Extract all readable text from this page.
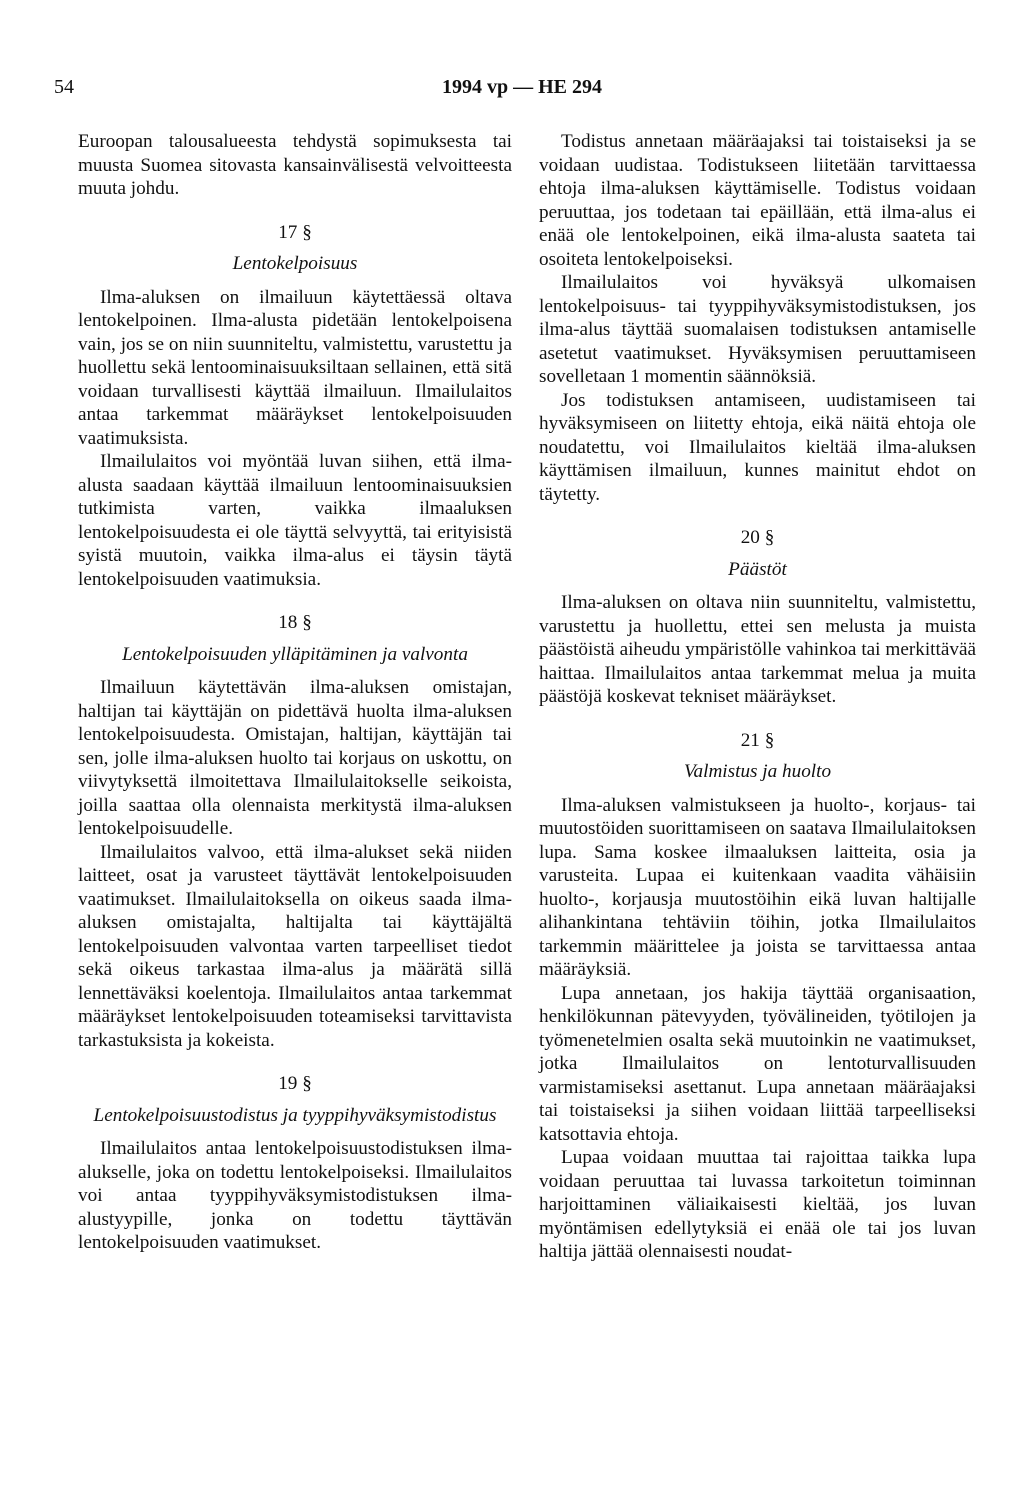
54	1994 vp — HE 294

Euroopan talousalueesta tehdystä sopimuksesta tai muusta Suomea sitovasta kansainvälisestä velvoitteesta muuta johdu.

17 §
Lentokelpoisuus

Ilma-aluksen on ilmailuun käytettäessä oltava lentokelpoinen. Ilma-alusta pidetään lentokelpoisena vain, jos se on niin suunniteltu, valmistettu, varustettu ja huollettu sekä lentoominaisuuksiltaan sellainen, että sitä voidaan turvallisesti käyttää ilmailuun. Ilmailulaitos antaa tarkemmat määräykset lentokelpoisuuden vaatimuksista.

Ilmailulaitos voi myöntää luvan siihen, että ilma-alusta saadaan käyttää ilmailuun lentoominaisuuksien tutkimista varten, vaikka ilmaaluksen lentokelpoisuudesta ei ole täyttä selvyyttä, tai erityisistä syistä muutoin, vaikka ilma-alus ei täysin täytä lentokelpoisuuden vaatimuksia.

18 §
Lentokelpoisuuden ylläpitäminen ja valvonta

Ilmailuun käytettävän ilma-aluksen omistajan, haltijan tai käyttäjän on pidettävä huolta ilma-aluksen lentokelpoisuudesta. Omistajan, haltijan, käyttäjän tai sen, jolle ilma-aluksen huolto tai korjaus on uskottu, on viivytyksettä ilmoitettava Ilmailulaitokselle seikoista, joilla saattaa olla olennaista merkitystä ilma-aluksen lentokelpoisuudelle.

Ilmailulaitos valvoo, että ilma-alukset sekä niiden laitteet, osat ja varusteet täyttävät lentokelpoisuuden vaatimukset. Ilmailulaitoksella on oikeus saada ilma-aluksen omistajalta, haltijalta tai käyttäjältä lentokelpoisuuden valvontaa varten tarpeelliset tiedot sekä oikeus tarkastaa ilma-alus ja määrätä sillä lennettäväksi koelentoja. Ilmailulaitos antaa tarkemmat määräykset lentokelpoisuuden toteamiseksi tarvittavista tarkastuksista ja kokeista.

19 §
Lentokelpoisuustodistus ja tyyppihyväksymistodistus

Ilmailulaitos antaa lentokelpoisuustodistuksen ilma-alukselle, joka on todettu lentokelpoiseksi. Ilmailulaitos voi antaa tyyppihyväksymistodistuksen ilma-alustyypille, jonka on todettu täyttävän lentokelpoisuuden vaatimukset.

Todistus annetaan määräajaksi tai toistaiseksi ja se voidaan uudistaa. Todistukseen liitetään tarvittaessa ehtoja ilma-aluksen käyttämiselle. Todistus voidaan peruuttaa, jos todetaan tai epäillään, että ilma-alus ei enää ole lentokelpoinen, eikä ilma-alusta saateta tai osoiteta lentokelpoiseksi.

Ilmailulaitos voi hyväksyä ulkomaisen lentokelpoisuus- tai tyyppihyväksymistodistuksen, jos ilma-alus täyttää suomalaisen todistuksen antamiselle asetetut vaatimukset. Hyväksymisen peruuttamiseen sovelletaan 1 momentin säännöksiä.

Jos todistuksen antamiseen, uudistamiseen tai hyväksymiseen on liitetty ehtoja, eikä näitä ehtoja ole noudatettu, voi Ilmailulaitos kieltää ilma-aluksen käyttämisen ilmailuun, kunnes mainitut ehdot on täytetty.

20 §
Päästöt

Ilma-aluksen on oltava niin suunniteltu, valmistettu, varustettu ja huollettu, ettei sen melusta ja muista päästöistä aiheudu ympäristölle vahinkoa tai merkittävää haittaa. Ilmailulaitos antaa tarkemmat melua ja muita päästöjä koskevat tekniset määräykset.

21 §
Valmistus ja huolto

Ilma-aluksen valmistukseen ja huolto-, korjaus- tai muutostöiden suorittamiseen on saatava Ilmailulaitoksen lupa. Sama koskee ilmaaluksen laitteita, osia ja varusteita. Lupaa ei kuitenkaan vaadita vähäisiin huolto-, korjausja muutostöihin eikä luvan haltijalle alihankintana tehtäviin töihin, jotka Ilmailulaitos tarkemmin määrittelee ja joista se tarvittaessa antaa määräyksiä.

Lupa annetaan, jos hakija täyttää organisaation, henkilökunnan pätevyyden, työvälineiden, työtilojen ja työmenetelmien osalta sekä muutoinkin ne vaatimukset, jotka Ilmailulaitos on lentoturvallisuuden varmistamiseksi asettanut. Lupa annetaan määräajaksi tai toistaiseksi ja siihen voidaan liittää tarpeelliseksi katsottavia ehtoja.

Lupaa voidaan muuttaa tai rajoittaa taikka lupa voidaan peruuttaa tai luvassa tarkoitetun toiminnan harjoittaminen väliaikaisesti kieltää, jos luvan myöntämisen edellytyksiä ei enää ole tai jos luvan haltija jättää olennaisesti noudat-
